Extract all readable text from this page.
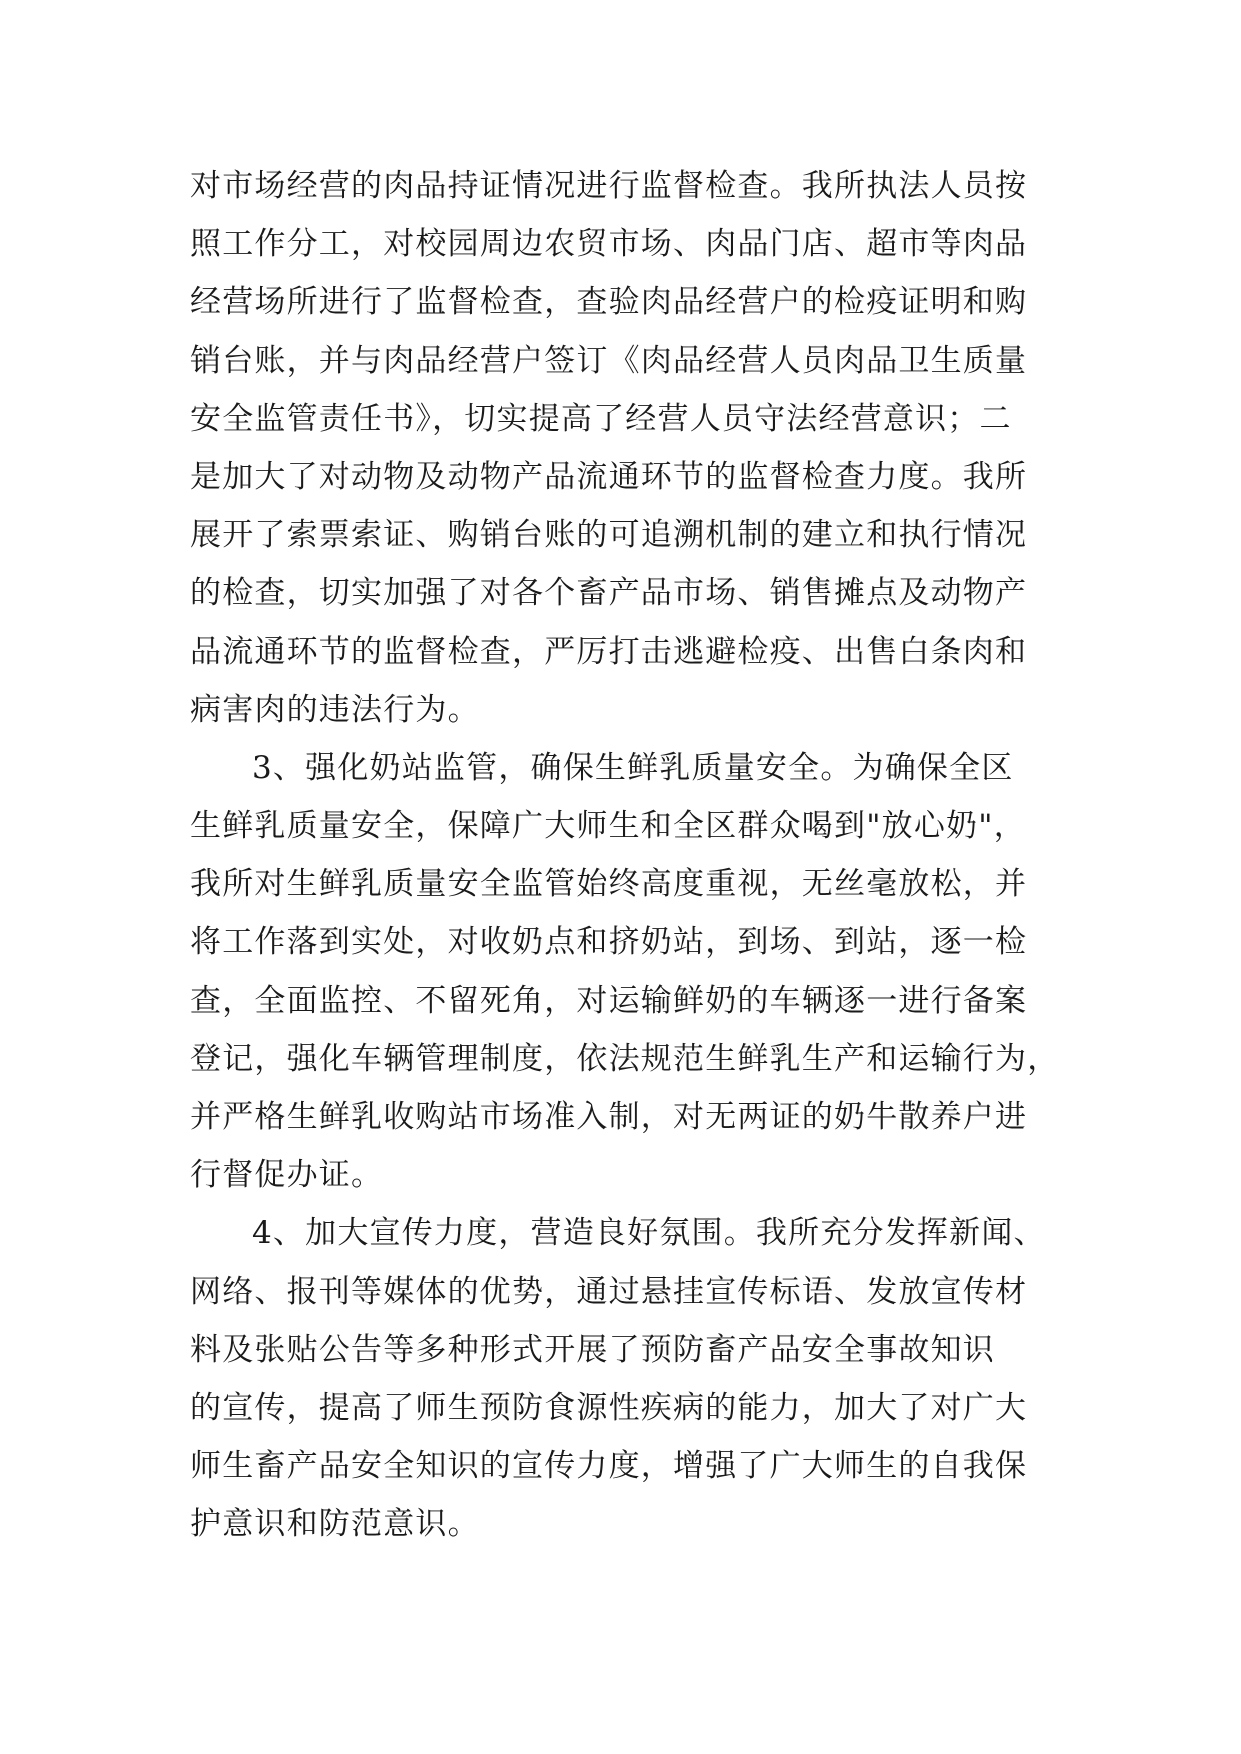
对市场经营的肉品持证情况进行监督检查。我所执法人员按
照工作分工，对校园周边农贸市场、肉品门店、超市等肉品
经营场所进行了监督检查，查验肉品经营户的检疫证明和购
销台账，并与肉品经营户签订《肉品经营人员肉品卫生质量
安全监管责任书》，切实提高了经营人员守法经营意识；二
是加大了对动物及动物产品流通环节的监督检查力度。我所
展开了索票索证、购销台账的可追溯机制的建立和执行情况
的检查，切实加强了对各个畜产品市场、销售摊点及动物产
品流通环节的监督检查，严厉打击逃避检疫、出售白条肉和
病害肉的违法行为。
3、强化奶站监管，确保生鲜乳质量安全。为确保全区
生鲜乳质量安全，保障广大师生和全区群众喝到"放心奶"，
我所对生鲜乳质量安全监管始终高度重视，无丝毫放松，并
将工作落到实处，对收奶点和挤奶站，到场、到站，逐一检
查，全面监控、不留死角，对运输鲜奶的车辆逐一进行备案
登记，强化车辆管理制度，依法规范生鲜乳生产和运输行为，
并严格生鲜乳收购站市场准入制，对无两证的奶牛散养户进
行督促办证。
4、加大宣传力度，营造良好氛围。我所充分发挥新闻、
网络、报刊等媒体的优势，通过悬挂宣传标语、发放宣传材
料及张贴公告等多种形式开展了预防畜产品安全事故知识
的宣传，提高了师生预防食源性疾病的能力，加大了对广大
师生畜产品安全知识的宣传力度，增强了广大师生的自我保
护意识和防范意识。
